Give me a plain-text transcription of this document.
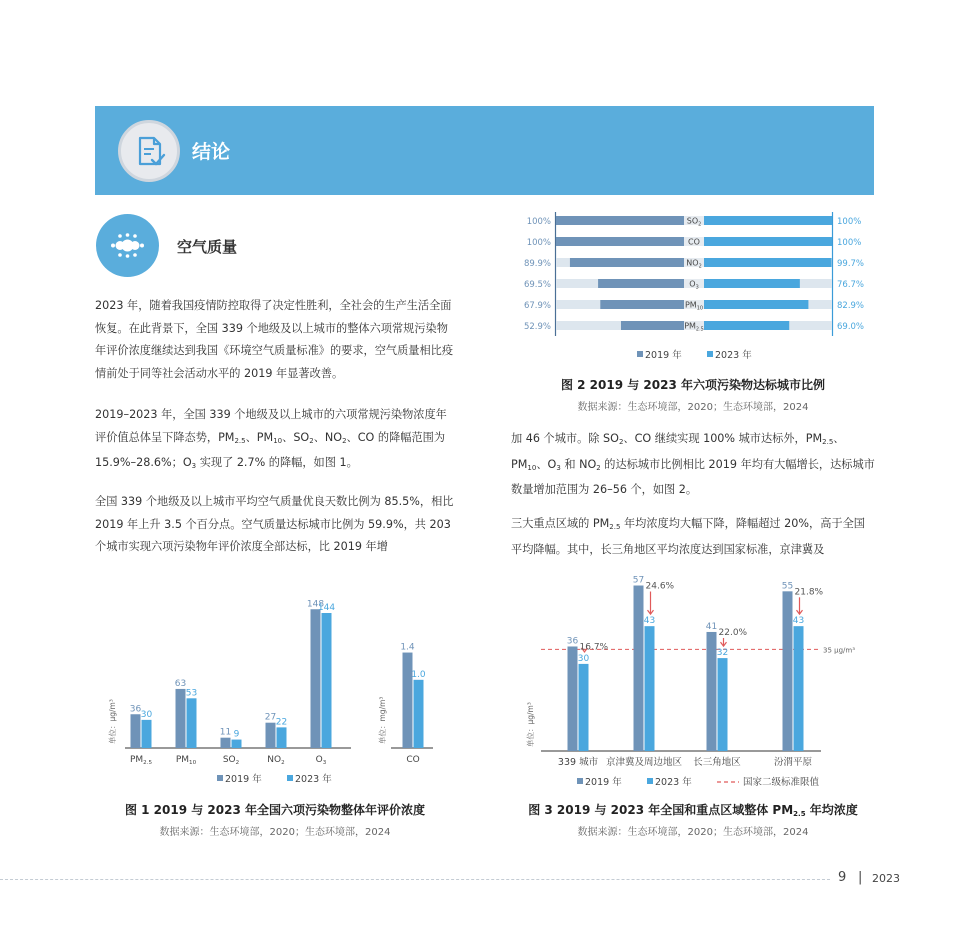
结论
空气质量
2023 年，随着我国疫情防控取得了决定性胜利，全社会的生产生活全面恢复。在此背景下，全国 339 个地级及以上城市的整体六项常规污染物年评价浓度继续达到我国《环境空气质量标准》的要求，空气质量相比疫情前处于同等社会活动水平的 2019 年显著改善。
2019–2023 年，全国 339 个地级及以上城市的六项常规污染物浓度年评价值总体呈下降态势，$PM_{2.5}$、$PM_{10}$、$SO_2$、$NO_2$、CO 的降幅范围为 15.9%–28.6%；$O_3$ 实现了 2.7% 的降幅，如图 1。
全国 339 个地级及以上城市平均空气质量优良天数比例为 85.5%，相比 2019 年上升 3.5 个百分点。空气质量达标城市比例为 59.9%，共 203 个城市实现六项污染物年评价浓度全部达标，比 2019 年增
加 46 个城市。除 $SO_2$、CO 继续实现 100% 城市达标外，$PM_{2.5}$、$PM_{10}$、$O_3$ 和 $NO_2$ 的达标城市比例相比 2019 年均有大幅增长，达标城市数量增加范围为 26–56 个，如图 2。
三大重点区域的 $PM_{2.5}$ 年均浓度均大幅下降，降幅超过 20%，高于全国平均降幅。其中，长三角地区平均浓度达到国家标准，京津冀及
$SO_2$
100%	100%
CO
100%	100%
$NO_2$
89.9%	99.7%
$O_3$
69.5%	76.7%
$PM_{10}$
67.9%	82.9%
$PM_{2.5}$
52.9%	69.0%
2019 年	2023 年
图 2 2019 与 2023 年六项污染物达标城市比例
数据来源：生态环境部，2020；生态环境部，2024
单位：μg/m³ 36
30
$PM_{2.5}$
63
53
$PM_{10}$
11 9
$SO_2$
27 22
$NO_2$
148
144
$O_3$
单位：mg/m³
1.4
1.0
CO
2019 年	2023 年
图 1 2019 与 2023 年全国六项污染物整体年评价浓度
数据来源：生态环境部，2020；生态环境部，2024
单位：μg/m³
35 μg/m³
36
30
16.7%
339 城市
57
43
24.6%
京津冀及周边地区
41
32
22.0%
长三角地区
55
43
21.8%
汾渭平原
2019 年	2023 年	国家二级标准限值
图 3 2019 与 2023 年全国和重点区域整体 $PM_{2.5}$ 年均浓度
数据来源：生态环境部，2020；生态环境部，2024
9 | 2023
